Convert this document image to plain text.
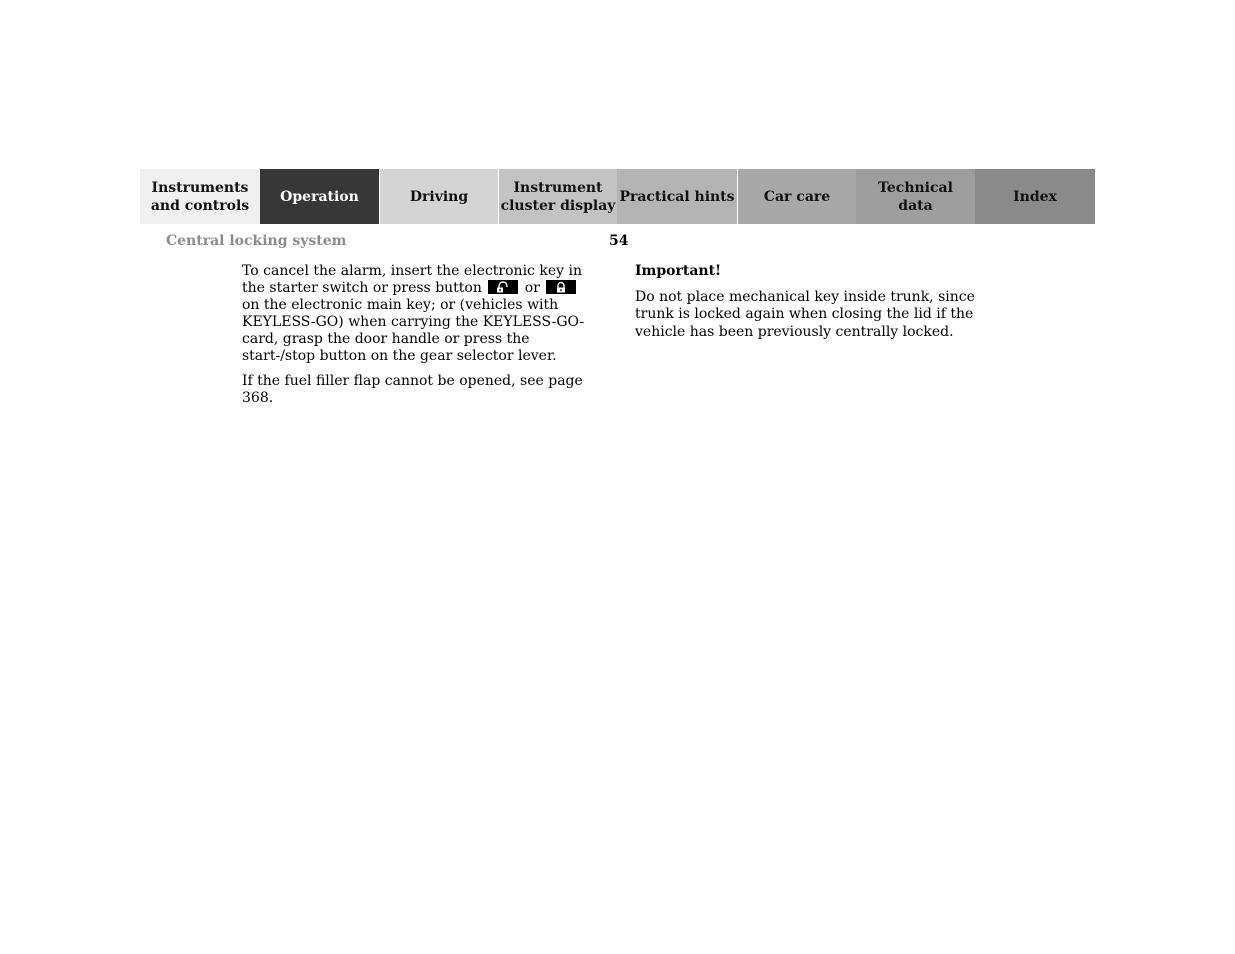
Instruments
and controls
Operation	Driving
Instrument
cluster display
Practical hints	Car care
Technical
data
Index
Central locking system	54

To cancel the alarm, insert the electronic key in the starter switch or press button	or
on the electronic main key; or (vehicles with KEYLESS-GO) when carrying the KEYLESS-GO-card, grasp the door handle or press the start-/stop button on the gear selector lever.

If the fuel filler flap cannot be opened, see page 368.

Important!

Do not place mechanical key inside trunk, since trunk is locked again when closing the lid if the vehicle has been previously centrally locked.
